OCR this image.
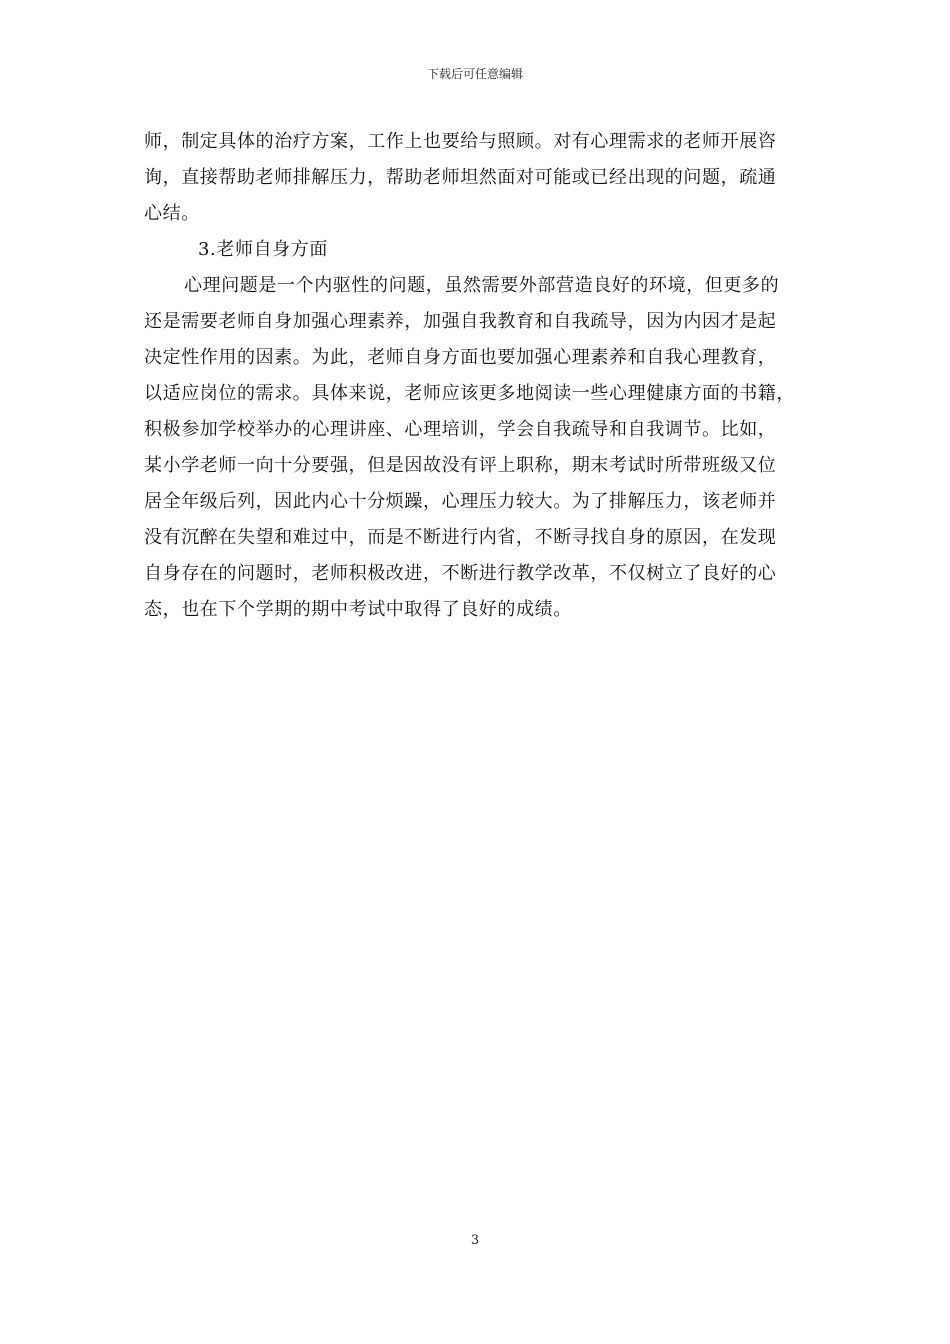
下载后可任意编辑
师，制定具体的治疗方案，工作上也要给与照顾。对有心理需求的老师开展咨
询，直接帮助老师排解压力，帮助老师坦然面对可能或已经出现的问题，疏通
心结。
3.老师自身方面
心理问题是一个内驱性的问题，虽然需要外部营造良好的环境，但更多的
还是需要老师自身加强心理素养，加强自我教育和自我疏导，因为内因才是起
决定性作用的因素。为此，老师自身方面也要加强心理素养和自我心理教育，
以适应岗位的需求。具体来说，老师应该更多地阅读一些心理健康方面的书籍，
积极参加学校举办的心理讲座、心理培训，学会自我疏导和自我调节。比如，
某小学老师一向十分要强，但是因故没有评上职称，期末考试时所带班级又位
居全年级后列，因此内心十分烦躁，心理压力较大。为了排解压力，该老师并
没有沉醉在失望和难过中，而是不断进行内省，不断寻找自身的原因，在发现
自身存在的问题时，老师积极改进，不断进行教学改革，不仅树立了良好的心
态，也在下个学期的期中考试中取得了良好的成绩。
3
